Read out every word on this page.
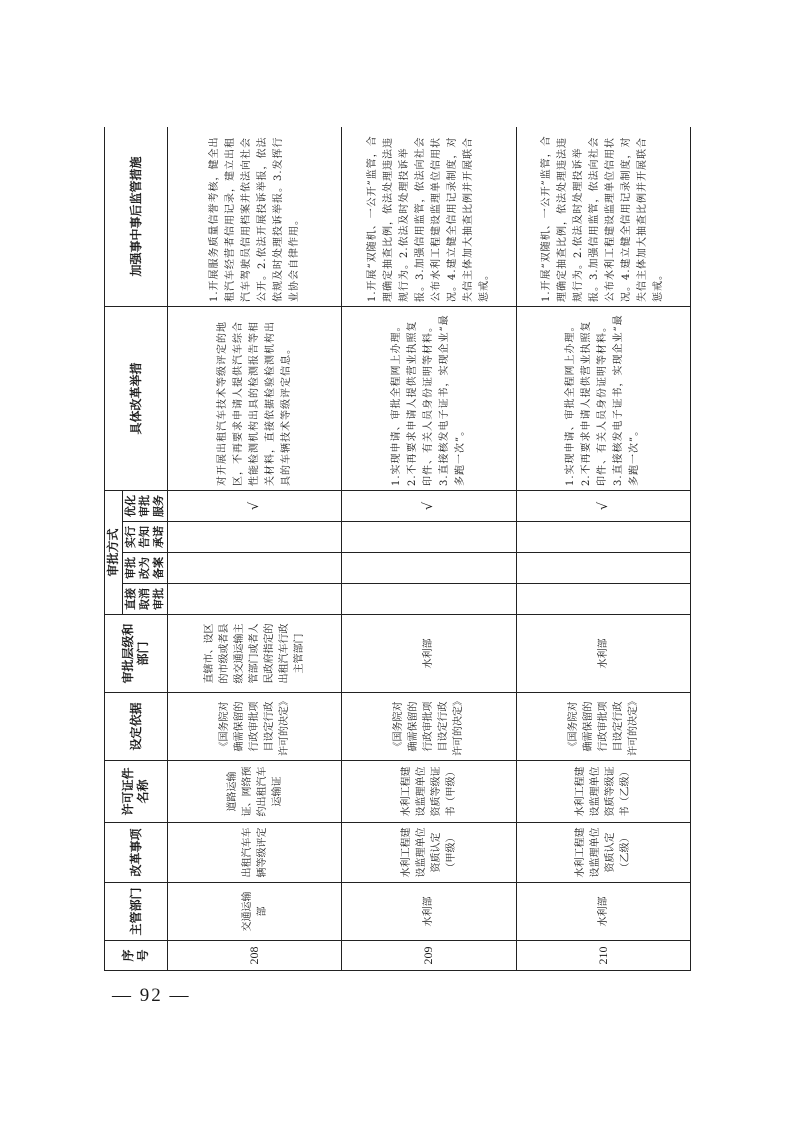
— 92 —
序号	主管部门	改革事项	许可证件名称	设定依据	审批层级和部门	审批方式				具体改革举措	加强事中事后监管措施
						直接取消审批	审批改为备案	实行告知承诺	优化审批服务		
208	交通运输部	出租汽车车辆等级评定	道路运输证、网络预约出租汽车运输证	《国务院对确需保留的行政审批项目设定行政许可的决定》	直辖市、设区的市级或者县级交通运输主管部门或者人民政府指定的出租汽车行政主管部门				√	对开展出租汽车技术等级评定的地区，不再要求申请人提供汽车综合性能检测机构出具的检测报告等相关材料，直接依据检验检测机构出具的车辆技术等级评定信息。	1.开展服务质量信誉考核，健全出租汽车经营者信用记录，建立出租汽车驾驶员信用档案并依法向社会公开。2.依法开展投诉举报，依法依规及时处理投诉举报。3.发挥行业协会自律作用。
209	水利部	水利工程建设监理单位资质认定（甲级）	水利工程建设监理单位资质等级证书（甲级）	《国务院对确需保留的行政审批项目设定行政许可的决定》	水利部				√	1.实现申请、审批全程网上办理。2.不再要求申请人提供营业执照复印件、有关人员身份证明等材料。3.直接核发电子证书，实现企业“最多跑一次”。	1.开展“双随机、一公开”监管，合理确定抽查比例，依法处理违法违规行为。2.依法及时处理投诉举报。3.加强信用监管，依法向社会公布水利工程建设监理单位信用状况。4.建立健全信用记录制度，对失信主体加大抽查比例并开展联合惩戒。
210	水利部	水利工程建设监理单位资质认定（乙级）	水利工程建设监理单位资质等级证书（乙级）	《国务院对确需保留的行政审批项目设定行政许可的决定》	水利部				√	1.实现申请、审批全程网上办理。2.不再要求申请人提供营业执照复印件、有关人员身份证明等材料。3.直接核发电子证书，实现企业“最多跑一次”。	1.开展“双随机、一公开”监管，合理确定抽查比例，依法处理违法违规行为。2.依法及时处理投诉举报。3.加强信用监管，依法向社会公布水利工程建设监理单位信用状况。4.建立健全信用记录制度，对失信主体加大抽查比例并开展联合惩戒。
